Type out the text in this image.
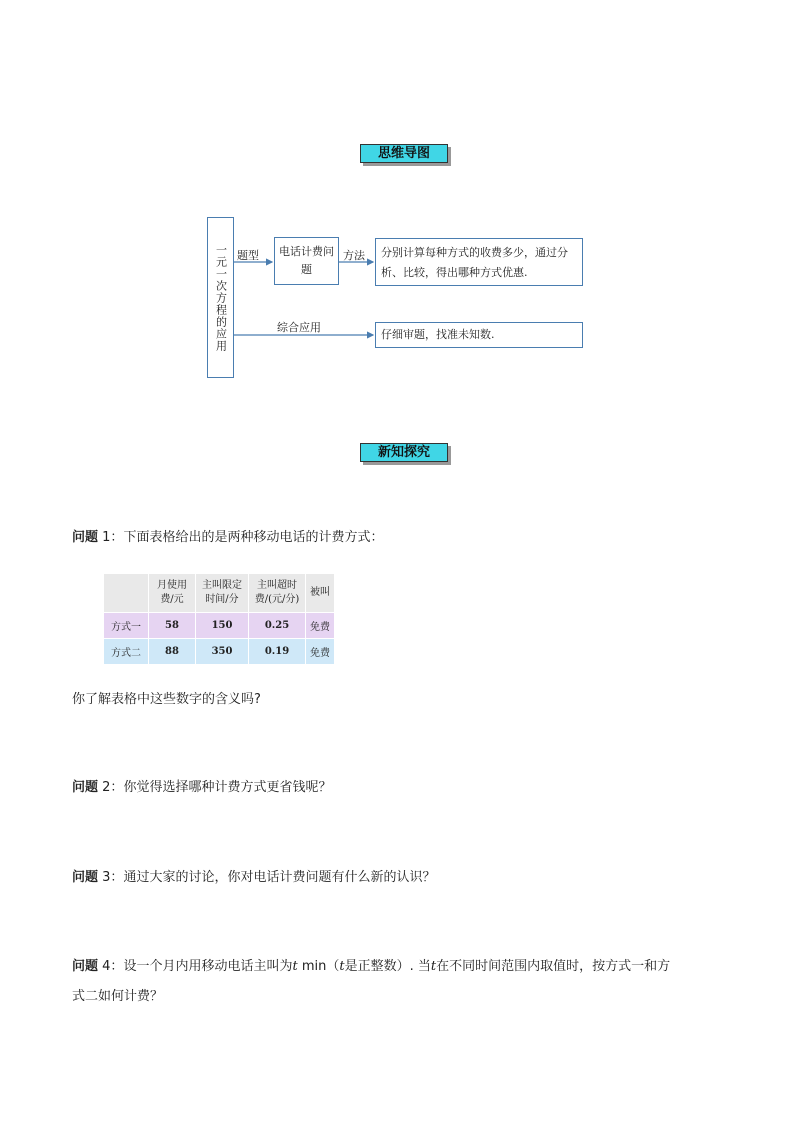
思维导图
一元一次方程的应用 题型	电话计费问题
方法	分别计算每种方式的收费多少，通过分析、比较，得出哪种方式优惠.
综合应用
仔细审题，找准未知数.
新知探究
问题 1：下面表格给出的是两种移动电话的计费方式：
	月使用费/元	主叫限定时间/分	主叫超时费/(元/分)	被叫
方式一	58	150	0.25	免费
方式二	88	350	0.19	免费
你了解表格中这些数字的含义吗?
问题 2：你觉得选择哪种计费方式更省钱呢？
问题 3：通过大家的讨论，你对电话计费问题有什么新的认识？
问题 4：设一个月内用移动电话主叫为t min（t是正整数）. 当t在不同时间范围内取值时，按方式一和方
式二如何计费？
